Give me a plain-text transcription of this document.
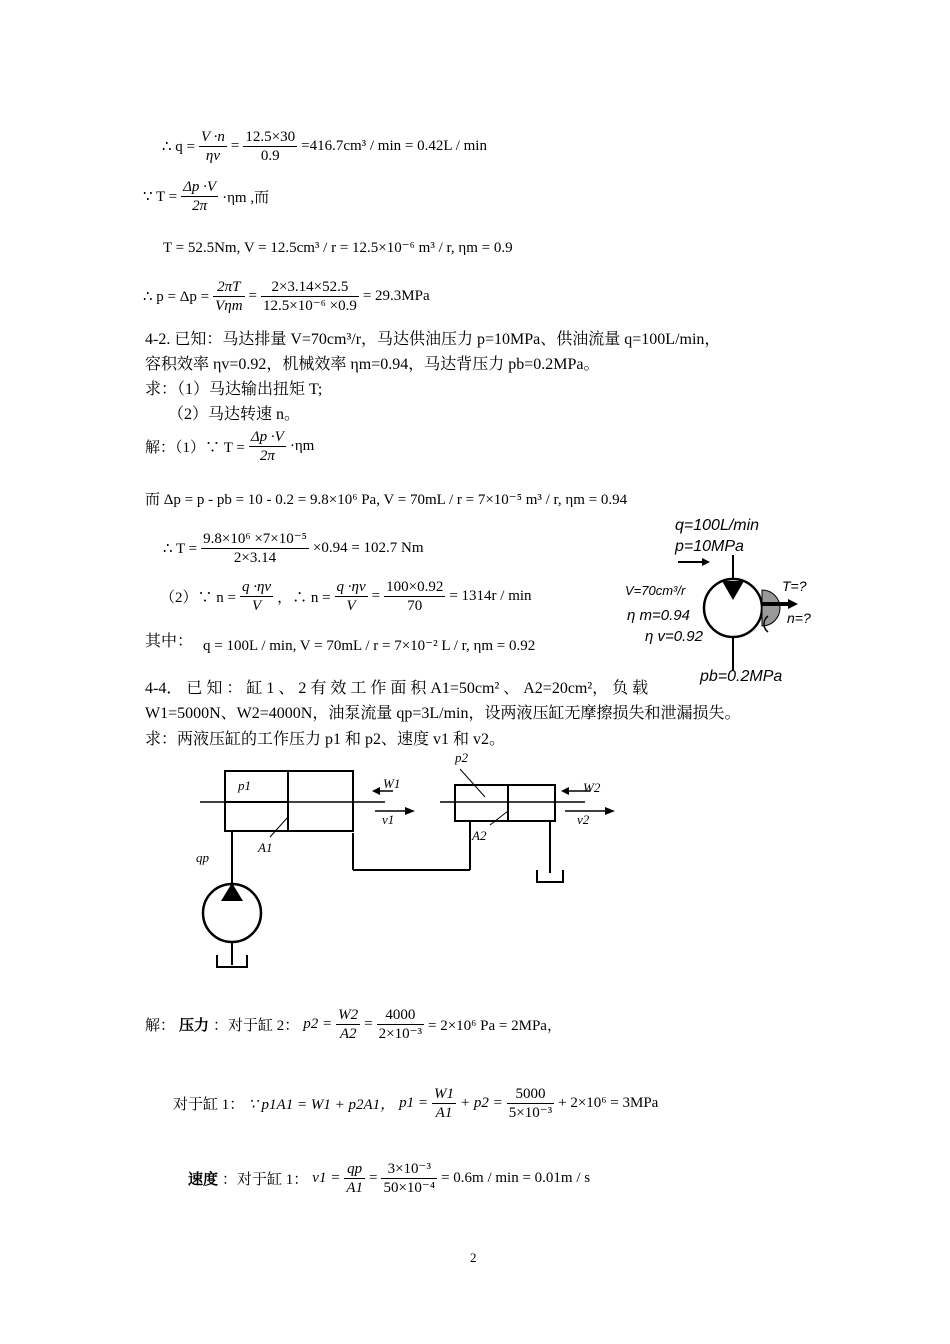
∴ $q = \frac{V \cdot n}{\eta v} = \frac{12.5\times 30}{0.9} =416.7cm^3 / \min = 0.42L / \min$
∵ $T = \frac{\Delta p \cdot V}{2\pi} \cdot\eta m$ ,而
T = 52.5Nm, V = 12.5cm³ / r = 12.5×10⁻⁶ m³ / r, ηm = 0.9
∴ $p = \Delta p = \frac{2\pi T}{\text{Vηm}} = \frac{2\times 3.14\times 52.5}{\text{12.5×10⁻⁶ ×0.9}} = 29.3MPa$
4-2. 已知：马达排量 V=70cm³/r，马达供油压力 p=10MPa、供油流量 q=100L/min，
容积效率 ηv=0.92，机械效率 ηm=0.94，马达背压力 pb=0.2MPa。
求：（1）马达输出扭矩 T;
（2）马达转速 n。
解：（1）∵ $T = \frac{\Delta p \cdot V}{2\pi} \cdot\eta m$
而 Δp = p - pb = 10 - 0.2 = 9.8×10⁶ Pa, V = 70mL / r = 7×10⁻⁵ m³ / r, ηm = 0.94
∴ $T = \frac{\text{9.8×10⁶ ×7×10⁻⁵}}{2\times 3.14} \times 0.94 = 102.7$ Nm
（2）∵ $n = \frac{q \cdot\eta v}{V}$ ，∴ $n = \frac{q \cdot\eta v}{V} = \frac{100\times 0.92}{70} = 1314r / \min$
其中： q = 100L / min, V = 70mL / r = 7×10⁻² L / r, ηm = 0.92
q=100L/min
p=10MPa
V=70cm³/r
η m=0.94
η v=0.92
T=?
n=?
pb=0.2MPa
4-4． 已 知 ： 缸 1 、 2 有 效 工 作 面 积 A1=50cm² 、 A2=20cm²， 负 载
W1=5000N、W2=4000N，油泵流量 qp=3L/min，设两液压缸无摩擦损失和泄漏损失。
求：两液压缸的工作压力 p1 和 p2、速度 v1 和 v2。
p1
A1
W1
v1
qp
p2
A2
W2
v2
解： 压力 ：对于缸 2： $p2 = \frac{W2}{A2} = \frac{4000}{\text{2×10⁻³}} = 2\times 10^6$ Pa = 2MPa，
对于缸 1： ∵ p1A1 = W1 + p2A1， $p1 = \frac{W1}{A1} + p2 = \frac{5000}{\text{5×10⁻³}} + 2\times 10^6 = 3MPa$
速度 ：对于缸 1： $v1 = \frac{qp}{A1} = \frac{\text{3×10⁻³}}{\text{50×10⁻⁴}} = 0.6m / \min = 0.01m / s$
2
